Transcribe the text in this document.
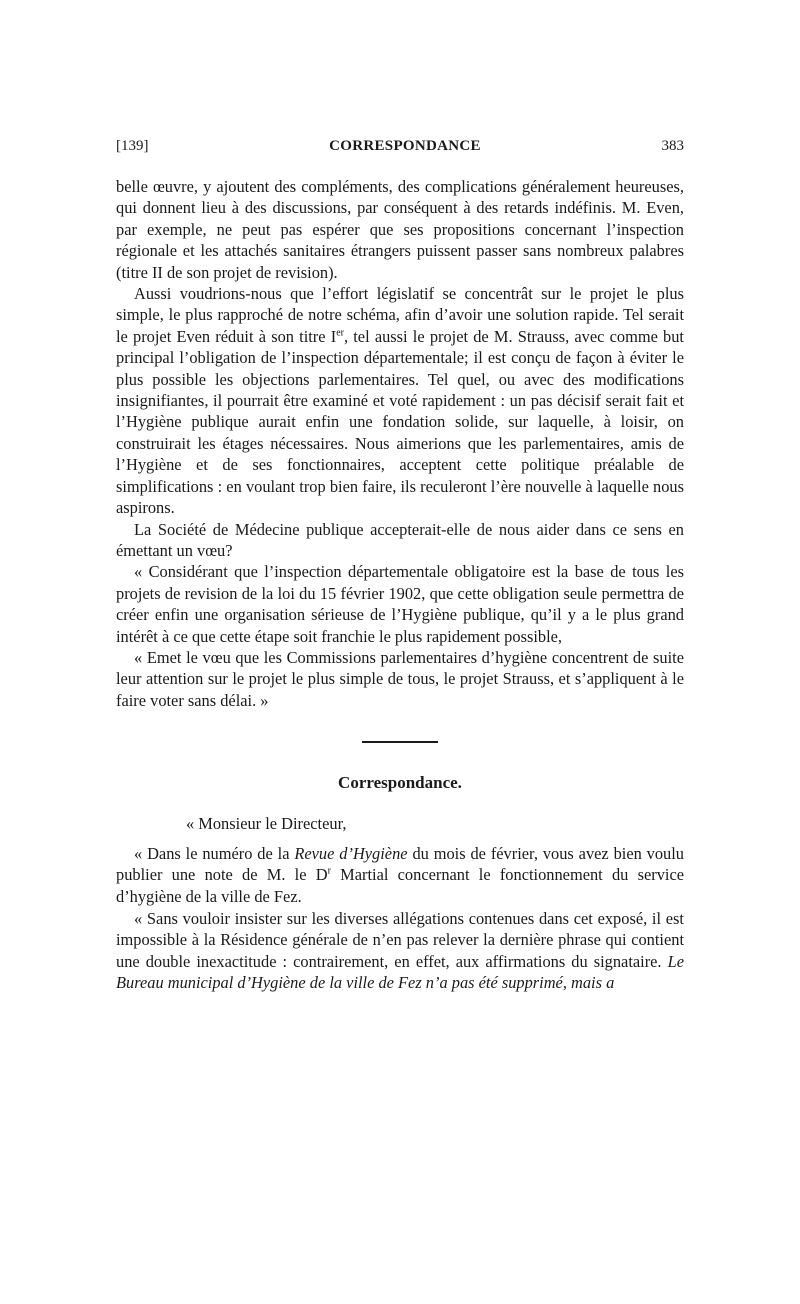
[139]	CORRESPONDANCE	383

belle œuvre, y ajoutent des compléments, des complications généralement heureuses, qui donnent lieu à des discussions, par conséquent à des retards indéfinis. M. Even, par exemple, ne peut pas espérer que ses propositions concernant l’inspection régionale et les attachés sanitaires étrangers puissent passer sans nombreux palabres (titre II de son projet de revision).

Aussi voudrions-nous que l’effort législatif se concentrât sur le projet le plus simple, le plus rapproché de notre schéma, afin d’avoir une solution rapide. Tel serait le projet Even réduit à son titre Ier, tel aussi le projet de M. Strauss, avec comme but principal l’obligation de l’inspection départementale; il est conçu de façon à éviter le plus possible les objections parlementaires. Tel quel, ou avec des modifications insignifiantes, il pourrait être examiné et voté rapidement : un pas décisif serait fait et l’Hygiène publique aurait enfin une fondation solide, sur laquelle, à loisir, on construirait les étages nécessaires. Nous aimerions que les parlementaires, amis de l’Hygiène et de ses fonctionnaires, acceptent cette politique préalable de simplifications : en voulant trop bien faire, ils reculeront l’ère nouvelle à laquelle nous aspirons.

La Société de Médecine publique accepterait-elle de nous aider dans ce sens en émettant un vœu?

« Considérant que l’inspection départementale obligatoire est la base de tous les projets de revision de la loi du 15 février 1902, que cette obligation seule permettra de créer enfin une organisation sérieuse de l’Hygiène publique, qu’il y a le plus grand intérêt à ce que cette étape soit franchie le plus rapidement possible,

« Emet le vœu que les Commissions parlementaires d’hygiène concentrent de suite leur attention sur le projet le plus simple de tous, le projet Strauss, et s’appliquent à le faire voter sans délai. »

Correspondance.

« Monsieur le Directeur,

« Dans le numéro de la Revue d’Hygiène du mois de février, vous avez bien voulu publier une note de M. le $D^r$ Martial concernant le fonctionnement du service d’hygiène de la ville de Fez.

« Sans vouloir insister sur les diverses allégations contenues dans cet exposé, il est impossible à la Résidence générale de n’en pas relever la dernière phrase qui contient une double inexactitude : contrairement, en effet, aux affirmations du signataire. Le Bureau municipal d’Hygiène de la ville de Fez n’a pas été supprimé, mais a
